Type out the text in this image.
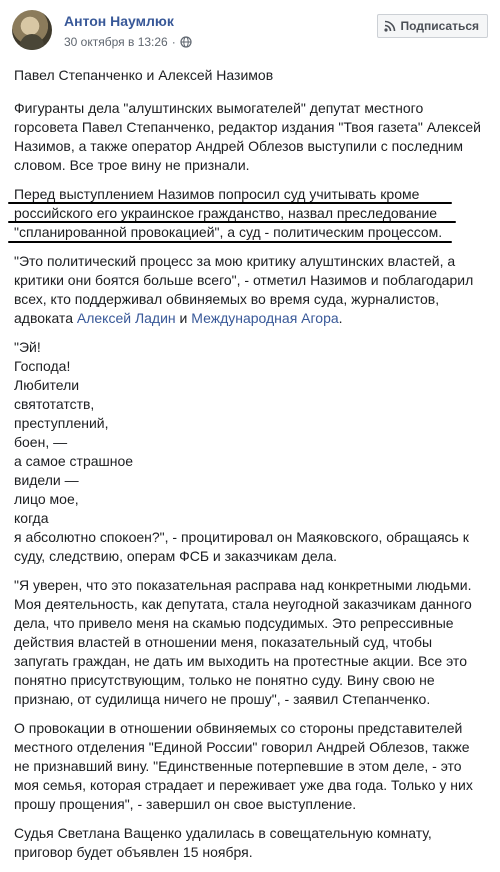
Антон Наумлюк
30 октября в 13:26 ·
Подписаться

Павел Степанченко и Алексей Назимов

Фигуранты дела "алуштинских вымогателей" депутат местного горсовета Павел Степанченко, редактор издания "Твоя газета" Алексей Назимов, а также оператор Андрей Облезов выступили с последним словом. Все трое вину не признали.

Перед выступлением Назимов попросил суд учитывать кроме российского его украинское гражданство, назвал преследование "спланированной провокацией", а суд - политическим процессом.

"Это политический процесс за мою критику алуштинских властей, а критики они боятся больше всего", - отметил Назимов и поблагодарил всех, кто поддерживал обвиняемых во время суда, журналистов, адвоката Алексей Ладин и Международная Агора.

"Эй!
Господа!
Любители
святотатств,
преступлений,
боен, —
а самое страшное
видели —
лицо мое,
когда
я абсолютно спокоен?", - процитировал он Маяковского, обращаясь к суду, следствию, операм ФСБ и заказчикам дела.

"Я уверен, что это показательная расправа над конкретными людьми. Моя деятельность, как депутата, стала неугодной заказчикам данного дела, что привело меня на скамью подсудимых. Это репрессивные действия властей в отношении меня, показательный суд, чтобы запугать граждан, не дать им выходить на протестные акции. Все это понятно присутствующим, только не понятно суду. Вину свою не признаю, от судилища ничего не прошу", - заявил Степанченко.

О провокации в отношении обвиняемых со стороны представителей местного отделения "Единой России" говорил Андрей Облезов, также не признавший вину. "Единственные потерпевшие в этом деле, - это моя семья, которая страдает и переживает уже два года. Только у них прошу прощения", - завершил он свое выступление.

Судья Светлана Ващенко удалилась в совещательную комнату, приговор будет объявлен 15 ноября.
